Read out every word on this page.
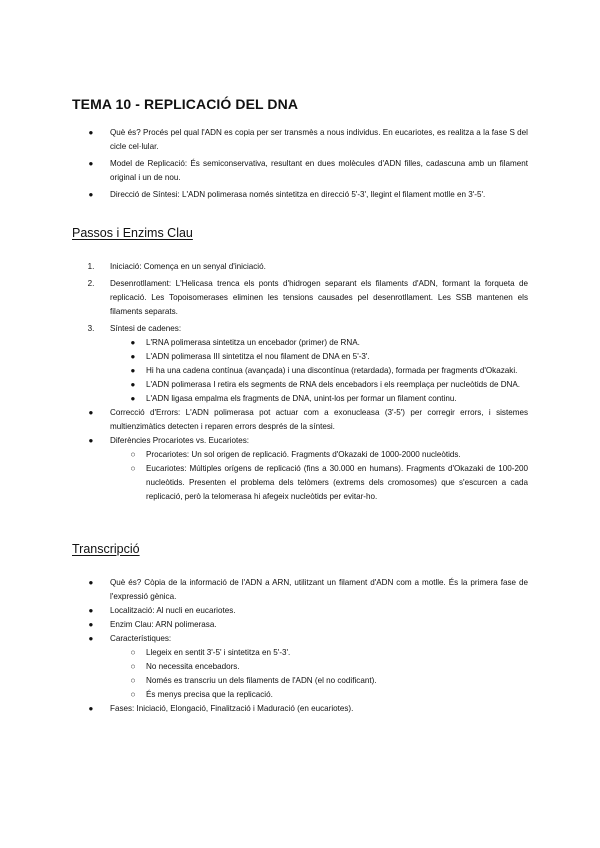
TEMA 10 - REPLICACIÓ DEL DNA
●	Què és? Procés pel qual l'ADN es copia per ser transmès a nous individus. En eucariotes, es realitza a la fase S del cicle cel·lular.
●	Model de Replicació: És semiconservativa, resultant en dues molècules d'ADN filles, cadascuna amb un filament original i un de nou.
●	Direcció de Síntesi: L'ADN polimerasa només sintetitza en direcció 5'-3', llegint el filament motlle en 3'-5'.
Passos i Enzims Clau
1.	Iniciació: Comença en un senyal d'iniciació.
2.	Desenrotllament: L'Helicasa trenca els ponts d'hidrogen separant els filaments d'ADN, formant la forqueta de replicació. Les Topoisomerases eliminen les tensions causades pel desenrotllament. Les SSB mantenen els filaments separats.
3.	Síntesi de cadenes:
●	L'RNA polimerasa sintetitza un encebador (primer) de RNA.
●	L'ADN polimerasa III sintetitza el nou filament de DNA en 5'-3'.
●	Hi ha una cadena contínua (avançada) i una discontínua (retardada), formada per fragments d'Okazaki.
●	L'ADN polimerasa I retira els segments de RNA dels encebadors i els reemplaça per nucleòtids de DNA.
●	L'ADN ligasa empalma els fragments de DNA, unint-los per formar un filament continu.
●	Correcció d'Errors: L'ADN polimerasa pot actuar com a exonucleasa (3'-5') per corregir errors, i sistemes multienzimàtics detecten i reparen errors després de la síntesi.
●	Diferències Procariotes vs. Eucariotes:
○	Procariotes: Un sol origen de replicació. Fragments d'Okazaki de 1000-2000 nucleòtids.
○	Eucariotes: Múltiples orígens de replicació (fins a 30.000 en humans). Fragments d'Okazaki de 100-200 nucleòtids. Presenten el problema dels telòmers (extrems dels cromosomes) que s'escurcen a cada replicació, però la telomerasa hi afegeix nucleòtids per evitar-ho.
Transcripció
●	Què és? Còpia de la informació de l'ADN a ARN, utilitzant un filament d'ADN com a motlle. És la primera fase de l'expressió gènica.
●	Localització: Al nucli en eucariotes.
●	Enzim Clau: ARN polimerasa.
●	Característiques:
○	Llegeix en sentit 3'-5' i sintetitza en 5'-3'.
○	No necessita encebadors.
○	Només es transcriu un dels filaments de l'ADN (el no codificant).
○	És menys precisa que la replicació.
●	Fases: Iniciació, Elongació, Finalització i Maduració (en eucariotes).
